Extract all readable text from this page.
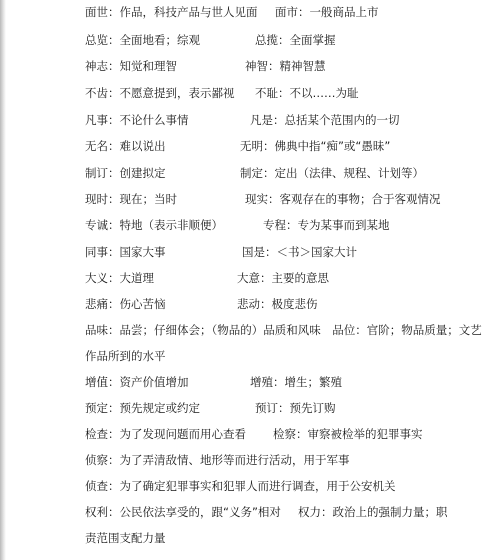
面世：作品，科技产品与世人见面 面市：一般商品上市
总览：全面地看；综观	总揽：全面掌握
神志：知觉和理智	神智：精神智慧
不齿：不愿意提到，表示鄙视 不耻：不以……为耻
凡事：不论什么事情	凡是：总括某个范围内的一切
无名：难以说出	无明：佛典中指“痴”或“愚昧”
制订：创建拟定	制定：定出（法律、规程、计划等）
现时：现在；当时	现实：客观存在的事物；合于客观情况
专诚：特地（表示非顺便）	专程：专为某事而到某地
同事：国家大事	国是：＜书＞国家大计
大义：大道理	大意：主要的意思
悲痛：伤心苦恼	悲动：极度悲伤
品味：品尝；仔细体会；（物品的）品质和风味　品位：官阶；物品质量；文艺
作品所到的水平
增值：资产价值增加	增殖：增生；繁殖
预定：预先规定或约定	预订：预先订购
检查：为了发现问题而用心查看 检察：审察被检举的犯罪事实
侦察：为了弄清敌情、地形等而进行活动，用于军事
侦查：为了确定犯罪事实和犯罪人而进行调查，用于公安机关
权利：公民依法享受的，跟“义务”相对 权力：政治上的强制力量；职
责范围支配力量
